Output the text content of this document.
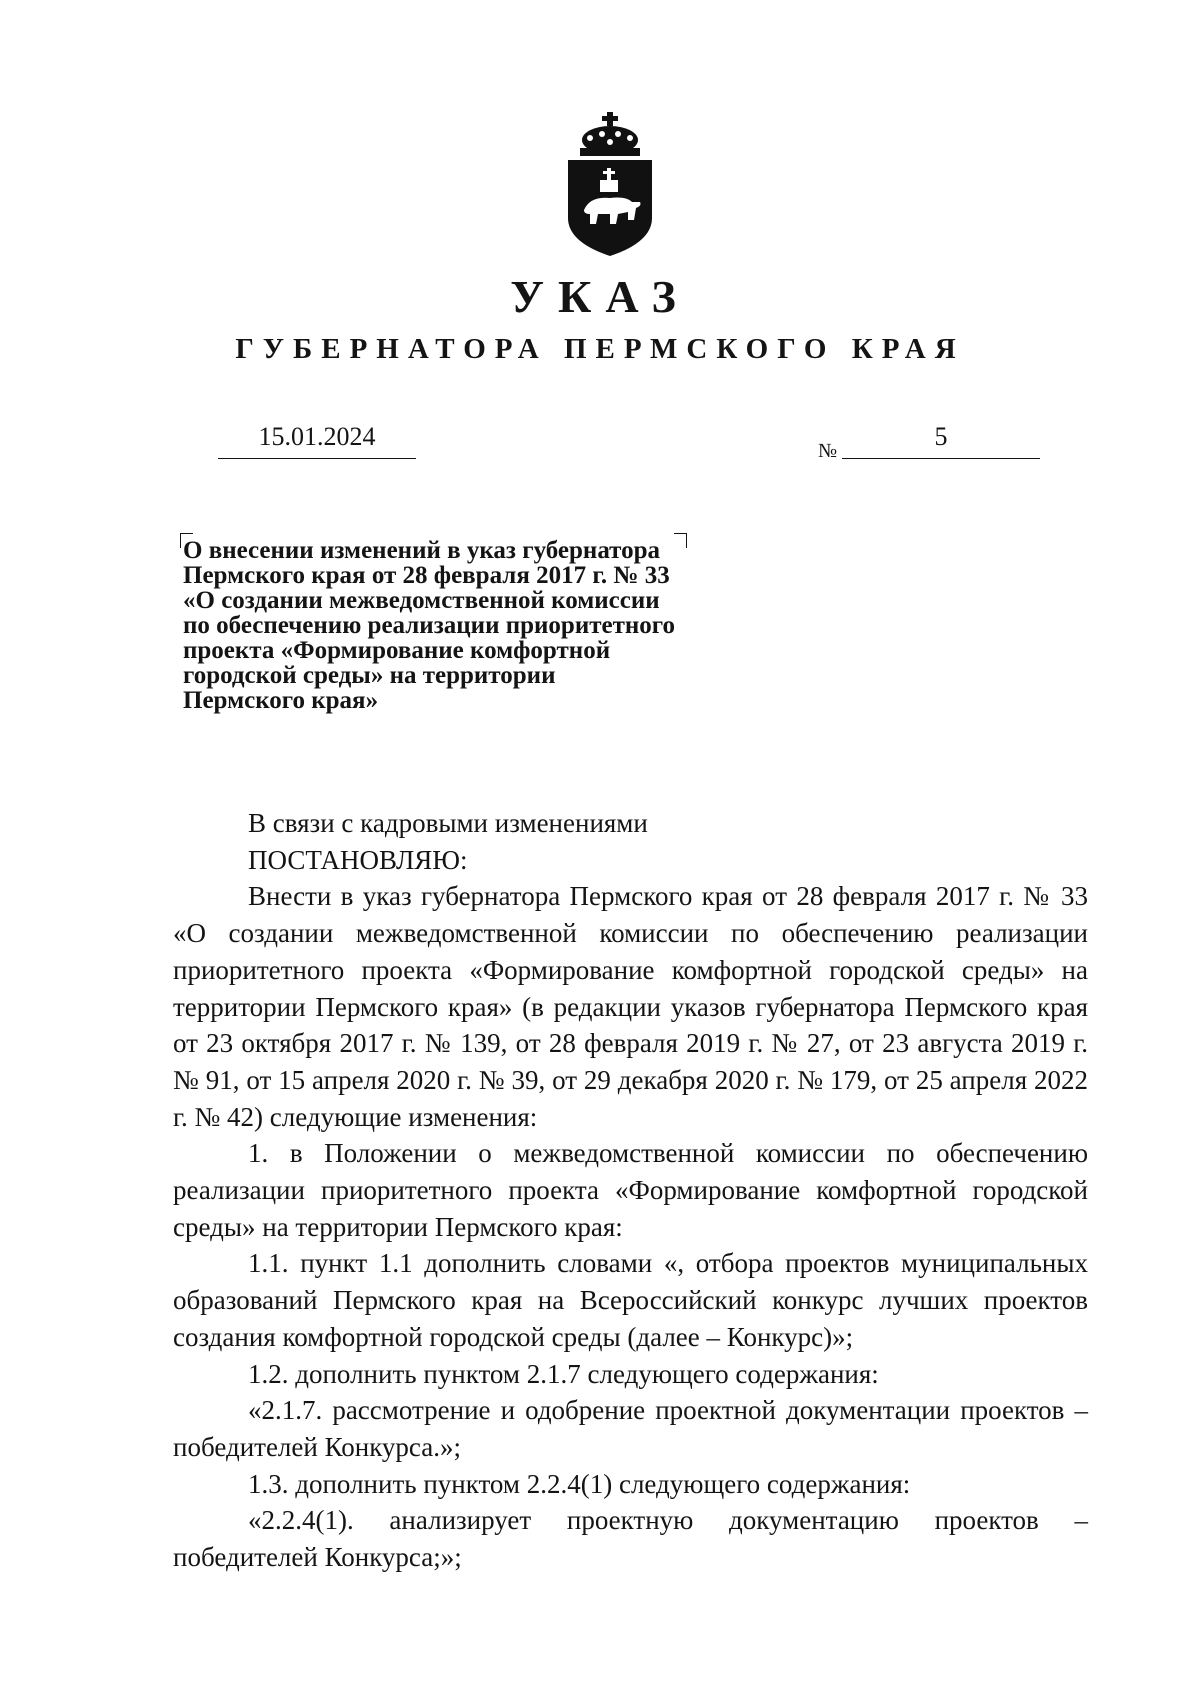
УКАЗ
ГУБЕРНАТОРА ПЕРМСКОГО КРАЯ
15.01.2024	№	5
О внесении изменений в указ губернатора
Пермского края от 28 февраля 2017 г. № 33
«О создании межведомственной комиссии
по обеспечению реализации приоритетного
проекта «Формирование комфортной
городской среды» на территории
Пермского края»

В связи с кадровыми изменениями

ПОСТАНОВЛЯЮ:

Внести в указ губернатора Пермского края от 28 февраля 2017 г. № 33 «О создании межведомственной комиссии по обеспечению реализации приоритетного проекта «Формирование комфортной городской среды» на территории Пермского края» (в редакции указов губернатора Пермского края от 23 октября 2017 г. № 139, от 28 февраля 2019 г. № 27, от 23 августа 2019 г. № 91, от 15 апреля 2020 г. № 39, от 29 декабря 2020 г. № 179, от 25 апреля 2022 г. № 42) следующие изменения:

1. в Положении о межведомственной комиссии по обеспечению реализации приоритетного проекта «Формирование комфортной городской среды» на территории Пермского края:

1.1. пункт 1.1 дополнить словами «, отбора проектов муниципальных образований Пермского края на Всероссийский конкурс лучших проектов создания комфортной городской среды (далее – Конкурс)»;

1.2. дополнить пунктом 2.1.7 следующего содержания:

«2.1.7. рассмотрение и одобрение проектной документации проектов – победителей Конкурса.»;

1.3. дополнить пунктом 2.2.4(1) следующего содержания:

«2.2.4(1). анализирует проектную документацию проектов – победителей Конкурса;»;
